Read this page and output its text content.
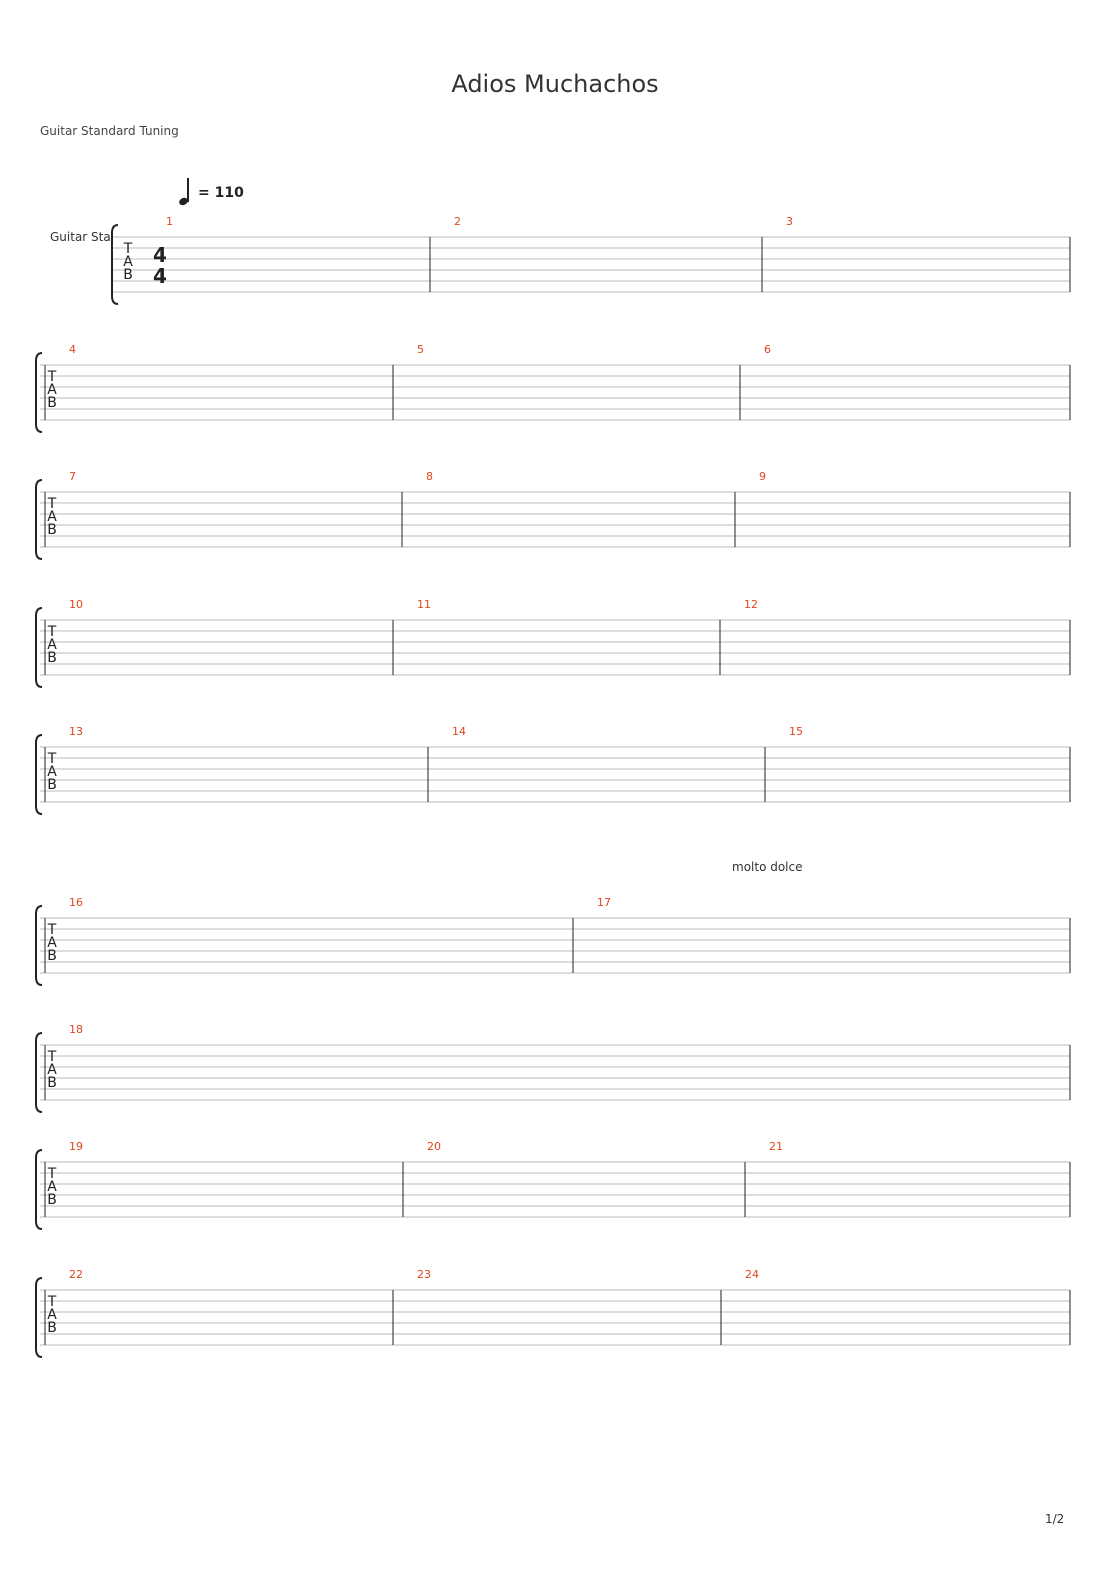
Adios Muchachos
Guitar Standard Tuning
= 110
Guitar Sta
molto dolce
1/2
T
A
B
1	2	3
T
A
B
4	5	6
T
A
B
7	8	9
T
A
B
10	11	12
T
A
B
13	14	15
T
A
B
16	17
T
A
B
18
T
A
B
19	20	21
T
A
B
22	23	24
4
4
